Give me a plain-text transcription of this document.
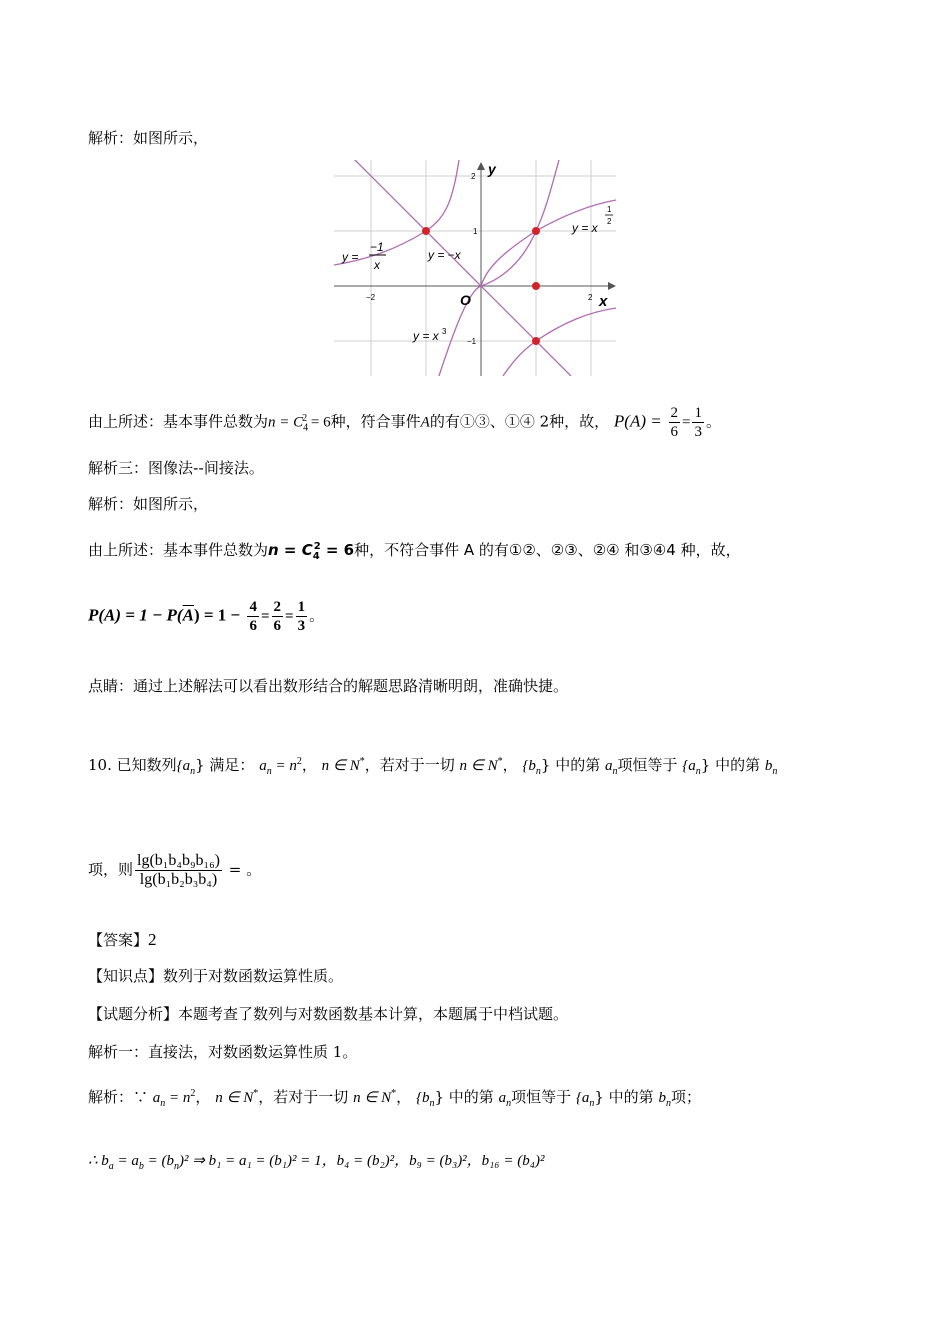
解析：如图所示，
y
x
O
2
1
−1
−2	2
y =
−1
x
y = −x
y = x
1
2
y = x 3
由上所述：基本事件总数为$n = C_4^2 = 6$种，符合事件A的有①③、①④ 2种，故， $P(A) = \frac{2}{6} = \frac{1}{3}$ 。
解析三：图像法--间接法。
解析：如图所示，
由上所述：基本事件总数为$n = C_4^2 = 6$种，不符合事件 A 的有①②、②③、②④ 和③④4 种，故，
$P(A) = 1 - P(\overline{A}) = 1 - \frac{4}{6} = \frac{2}{6} = \frac{1}{3}$ 。
点睛：通过上述解法可以看出数形结合的解题思路清晰明朗，准确快捷。
10. 已知数列$\{a_n\}$ 满足： $a_n = n^2$， n ∈ N*，若对于一切 n ∈ N*， $\{b_n\}$ 中的第 $a_n$项恒等于 $\{a_n\}$ 中的第 $b_n$
项，则 $\frac{\text{lg(b₁b₄b₉b₁₆)}}{\text{lg(b₁b₂b₃b₄)}}$ = 。
【答案】2
【知识点】数列于对数函数运算性质。
【试题分析】本题考查了数列与对数函数基本计算，本题属于中档试题。
解析一：直接法，对数函数运算性质 1。
解析：∵ $a_n = n^2$， n ∈ N*，若对于一切 n ∈ N*， $\{b_n\}$ 中的第 $a_n$项恒等于 $\{a_n\}$ 中的第 $b_n$项；
∴ $b_a = a_b = (b_n)^2$ ⇒ b₁ = a₁ = (b₁)² = 1，b₄ = (b₂)²，b₉ = (b₃)²，b₁₆ = (b₄)²
